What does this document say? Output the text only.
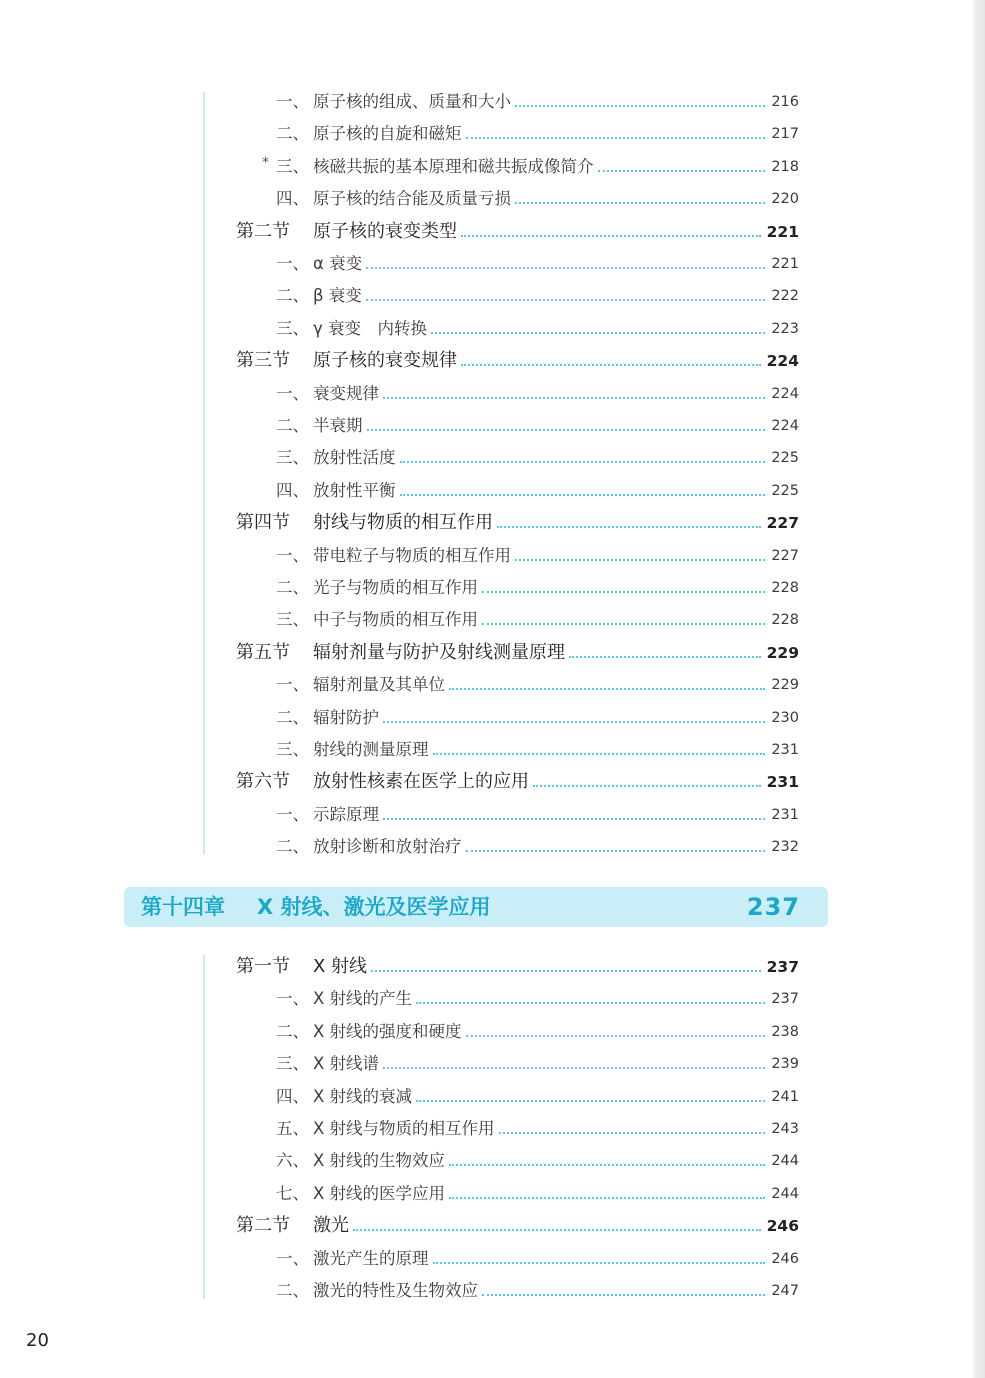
一、 原子核的组成、质量和大小	216
二、 原子核的自旋和磁矩	217
* 三、 核磁共振的基本原理和磁共振成像简介	218
四、 原子核的结合能及质量亏损	220
第二节 原子核的衰变类型	221
一、 α 衰变	221
二、 β 衰变	222
三、 γ 衰变　内转换	223
第三节 原子核的衰变规律	224
一、 衰变规律	224
二、 半衰期	224
三、 放射性活度	225
四、 放射性平衡	225
第四节 射线与物质的相互作用	227
一、 带电粒子与物质的相互作用	227
二、 光子与物质的相互作用	228
三、 中子与物质的相互作用	228
第五节 辐射剂量与防护及射线测量原理	229
一、 辐射剂量及其单位	229
二、 辐射防护	230
三、 射线的测量原理	231
第六节 放射性核素在医学上的应用	231
一、 示踪原理	231
二、 放射诊断和放射治疗	232
第十四章 X 射线、激光及医学应用	237
第一节 X 射线	237
一、 X 射线的产生	237
二、 X 射线的强度和硬度	238
三、 X 射线谱	239
四、 X 射线的衰减	241
五、 X 射线与物质的相互作用	243
六、 X 射线的生物效应	244
七、 X 射线的医学应用	244
第二节 激光	246
一、 激光产生的原理	246
二、 激光的特性及生物效应	247
20
